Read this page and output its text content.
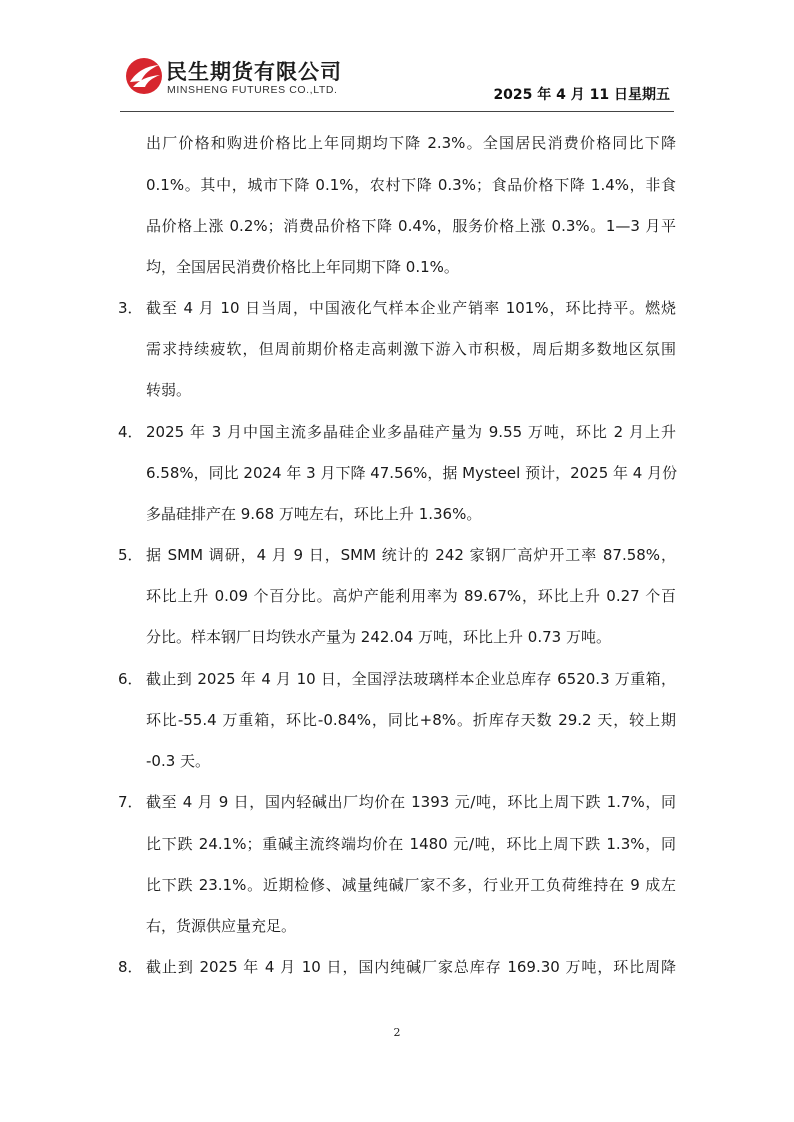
民生期货有限公司
MINSHENG FUTURES CO.,LTD.	2025 年 4 月 11 日星期五
出厂价格和购进价格比上年同期均下降 2.3%。全国居民消费价格同比下降
0.1%。其中，城市下降 0.1%，农村下降 0.3%；食品价格下降 1.4%，非食
品价格上涨 0.2%；消费品价格下降 0.4%，服务价格上涨 0.3%。1—3 月平
均，全国居民消费价格比上年同期下降 0.1%。
3． 截至 4 月 10 日当周，中国液化气样本企业产销率 101%，环比持平。燃烧
需求持续疲软，但周前期价格走高刺激下游入市积极，周后期多数地区氛围
转弱。
4． 2025 年 3 月中国主流多晶硅企业多晶硅产量为 9.55 万吨，环比 2 月上升
6.58%，同比 2024 年 3 月下降 47.56%，据 Mysteel 预计，2025 年 4 月份
多晶硅排产在 9.68 万吨左右，环比上升 1.36%。
5． 据 SMM 调研，4 月 9 日，SMM 统计的 242 家钢厂高炉开工率 87.58%，
环比上升 0.09 个百分比。高炉产能利用率为 89.67%，环比上升 0.27 个百
分比。样本钢厂日均铁水产量为 242.04 万吨，环比上升 0.73 万吨。
6． 截止到 2025 年 4 月 10 日，全国浮法玻璃样本企业总库存 6520.3 万重箱，
环比-55.4 万重箱，环比-0.84%，同比+8%。折库存天数 29.2 天，较上期
-0.3 天。
7． 截至 4 月 9 日，国内轻碱出厂均价在 1393 元/吨，环比上周下跌 1.7%，同
比下跌 24.1%；重碱主流终端均价在 1480 元/吨，环比上周下跌 1.3%，同
比下跌 23.1%。近期检修、减量纯碱厂家不多，行业开工负荷维持在 9 成左
右，货源供应量充足。
8． 截止到 2025 年 4 月 10 日，国内纯碱厂家总库存 169.30 万吨，环比周降
2
